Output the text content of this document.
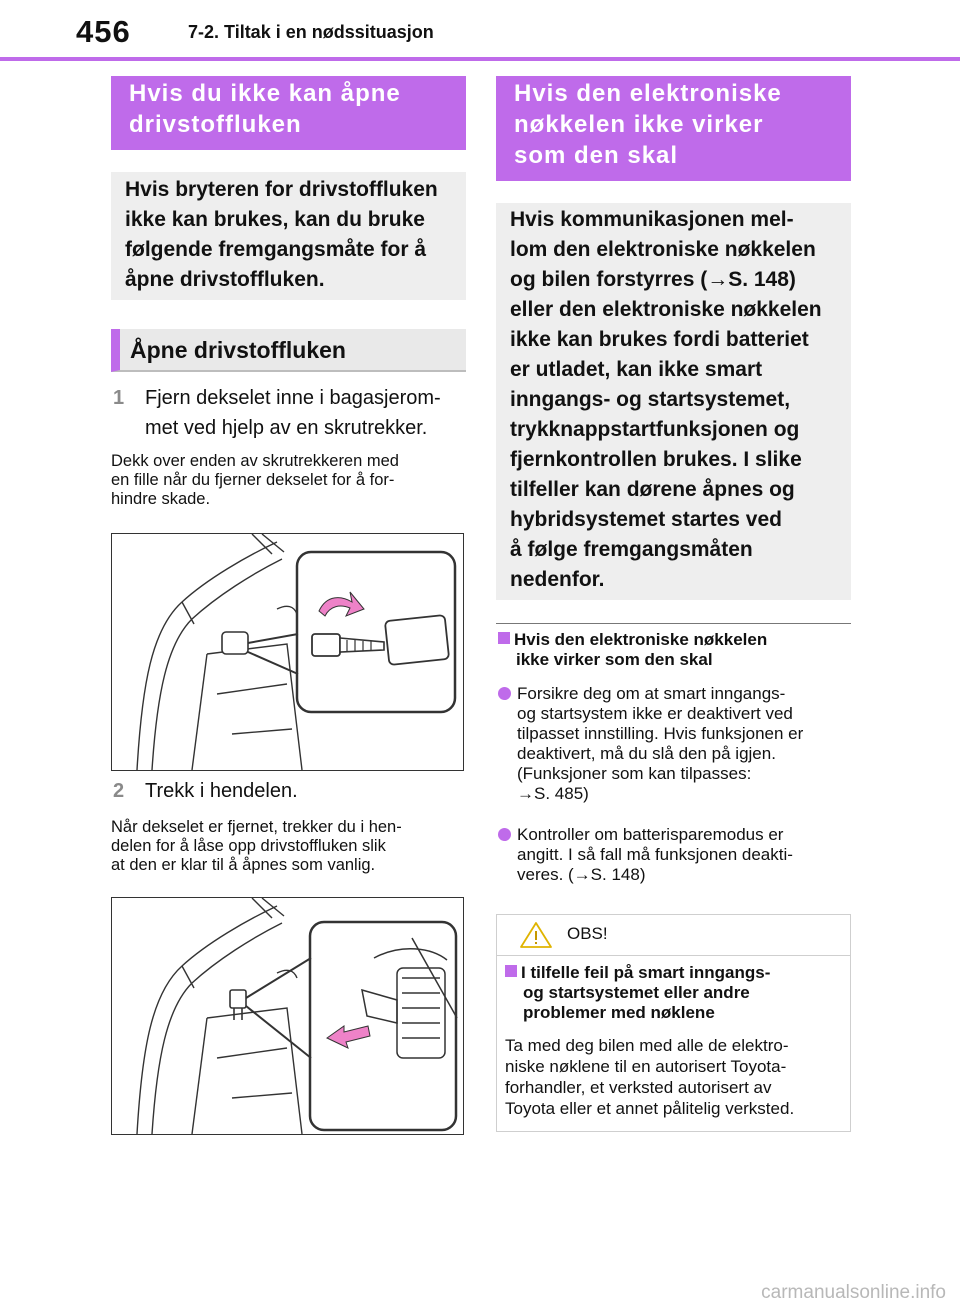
456	7-2. Tiltak i en nødssituasjon
Hvis du ikke kan åpne
drivstoffluken
Hvis bryteren for drivstoffluken
ikke kan brukes, kan du bruke
følgende fremgangsmåte for å
åpne drivstoffluken.
Åpne drivstoffluken
1 Fjern dekselet inne i bagasjerom-
met ved hjelp av en skrutrekker.
Dekk over enden av skrutrekkeren med
en fille når du fjerner dekselet for å for-
hindre skade.
2 Trekk i hendelen.
Når dekselet er fjernet, trekker du i hen-
delen for å låse opp drivstoffluken slik
at den er klar til å åpnes som vanlig.
Hvis den elektroniske
nøkkelen ikke virker
som den skal
Hvis kommunikasjonen mel-
lom den elektroniske nøkkelen
og bilen forstyrres (→S. 148)
eller den elektroniske nøkkelen
ikke kan brukes fordi batteriet
er utladet, kan ikke smart
inngangs- og startsystemet,
trykknappstartfunksjonen og
fjernkontrollen brukes. I slike
tilfeller kan dørene åpnes og
hybridsystemet startes ved
å følge fremgangsmåten
nedenfor.
Hvis den elektroniske nøkkelen
ikke virker som den skal
Forsikre deg om at smart inngangs-
og startsystem ikke er deaktivert ved
tilpasset innstilling. Hvis funksjonen er
deaktivert, må du slå den på igjen.
(Funksjoner som kan tilpasses:
→S. 485)
Kontroller om batterisparemodus er
angitt. I så fall må funksjonen deakti-
veres. (→S. 148)
OBS!
I tilfelle feil på smart inngangs-
og startsystemet eller andre
problemer med nøklene
Ta med deg bilen med alle de elektro-
niske nøklene til en autorisert Toyota-
forhandler, et verksted autorisert av
Toyota eller et annet pålitelig verksted.
carmanualsonline.info
